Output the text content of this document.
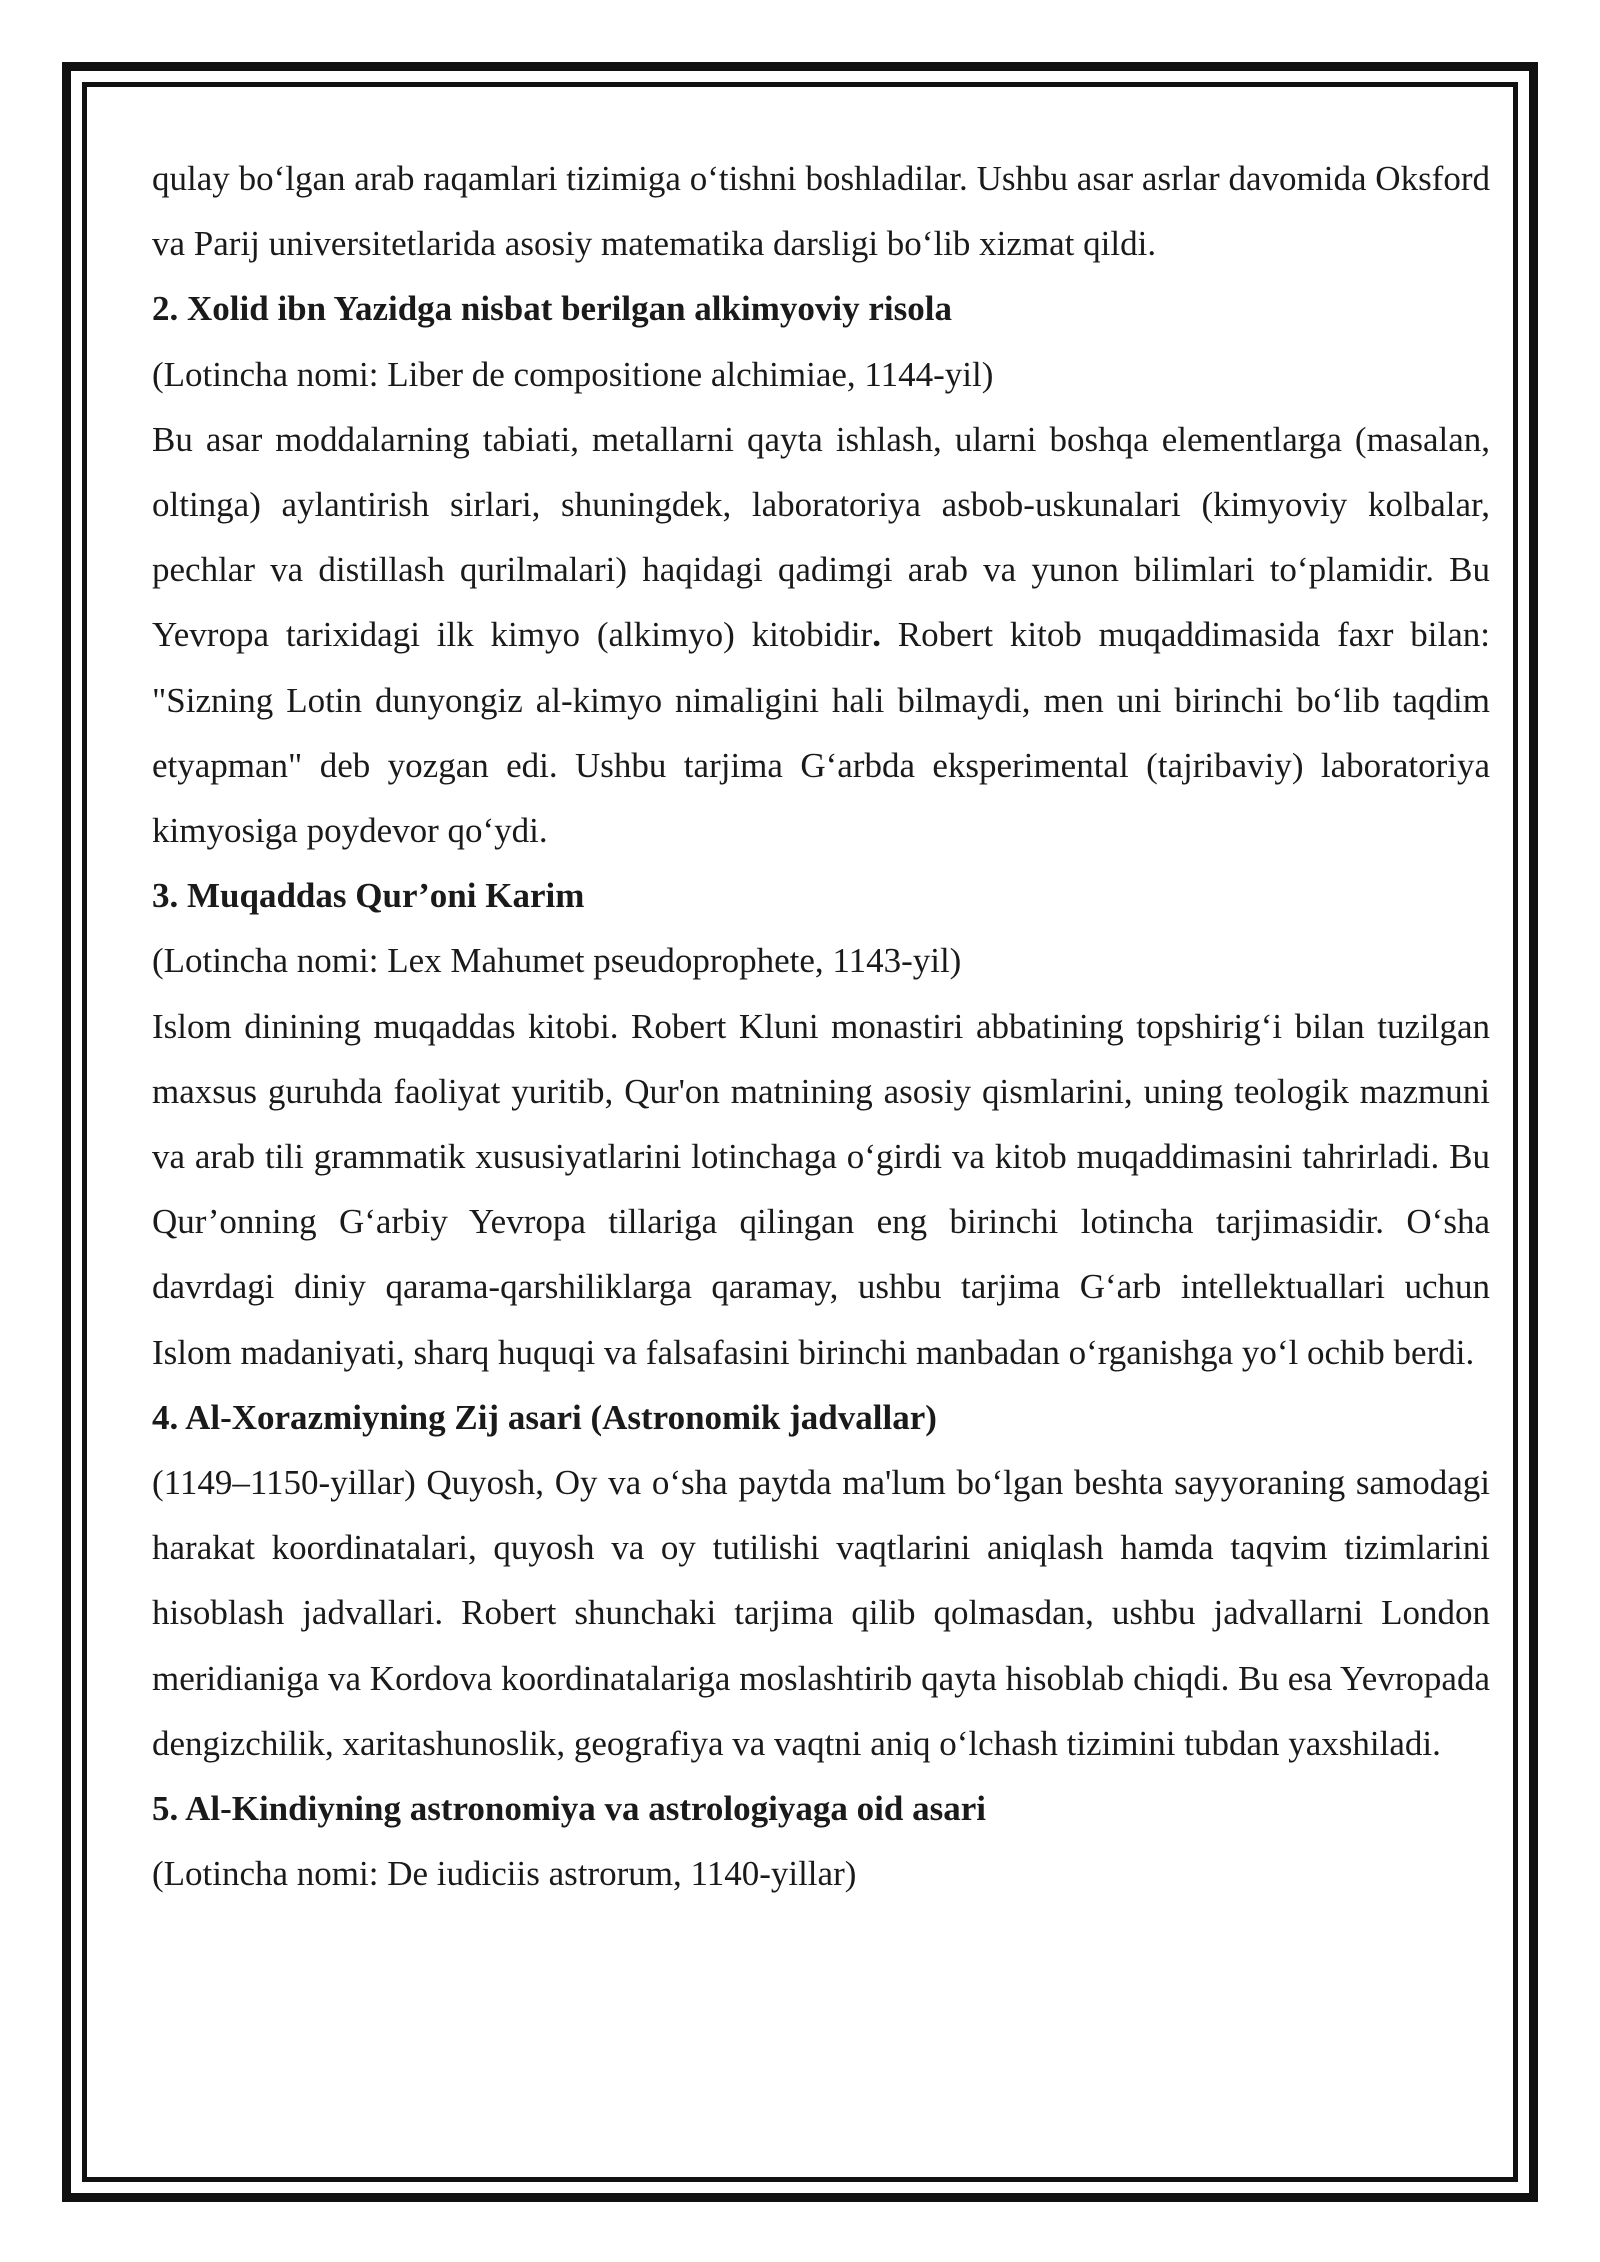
qulay bo‘lgan arab raqamlari tizimiga o‘tishni boshladilar. Ushbu asar asrlar davomida Oksford va Parij universitetlarida asosiy matematika darsligi bo‘lib xizmat qildi.

2. Xolid ibn Yazidga nisbat berilgan alkimyoviy risola

(Lotincha nomi: Liber de compositione alchimiae, 1144-yil)

Bu asar moddalarning tabiati, metallarni qayta ishlash, ularni boshqa elementlarga (masalan, oltinga) aylantirish sirlari, shuningdek, laboratoriya asbob-uskunalari (kimyoviy kolbalar, pechlar va distillash qurilmalari) haqidagi qadimgi arab va yunon bilimlari to‘plamidir. Bu Yevropa tarixidagi ilk kimyo (alkimyo) kitobidir. Robert kitob muqaddimasida faxr bilan: "Sizning Lotin dunyongiz al-kimyo nimaligini hali bilmaydi, men uni birinchi bo‘lib taqdim etyapman" deb yozgan edi. Ushbu tarjima G‘arbda eksperimental (tajribaviy) laboratoriya kimyosiga poydevor qo‘ydi.

3. Muqaddas Qur’oni Karim

(Lotincha nomi: Lex Mahumet pseudoprophete, 1143-yil)

Islom dinining muqaddas kitobi. Robert Kluni monastiri abbatining topshirig‘i bilan tuzilgan maxsus guruhda faoliyat yuritib, Qur'on matnining asosiy qismlarini, uning teologik mazmuni va arab tili grammatik xususiyatlarini lotinchaga o‘girdi va kitob muqaddimasini tahrirladi. Bu Qur’onning G‘arbiy Yevropa tillariga qilingan eng birinchi lotincha tarjimasidir. O‘sha davrdagi diniy qarama-qarshiliklarga qaramay, ushbu tarjima G‘arb intellektuallari uchun Islom madaniyati, sharq huquqi va falsafasini birinchi manbadan o‘rganishga yo‘l ochib berdi.

4. Al-Xorazmiyning Zij asari (Astronomik jadvallar)

(1149–1150-yillar) Quyosh, Oy va o‘sha paytda ma'lum bo‘lgan beshta sayyoraning samodagi harakat koordinatalari, quyosh va oy tutilishi vaqtlarini aniqlash hamda taqvim tizimlarini hisoblash jadvallari. Robert shunchaki tarjima qilib qolmasdan, ushbu jadvallarni London meridianiga va Kordova koordinatalariga moslashtirib qayta hisoblab chiqdi. Bu esa Yevropada dengizchilik, xaritashunoslik, geografiya va vaqtni aniq o‘lchash tizimini tubdan yaxshiladi.

5. Al-Kindiyning astronomiya va astrologiyaga oid asari

(Lotincha nomi: De iudiciis astrorum, 1140-yillar)
